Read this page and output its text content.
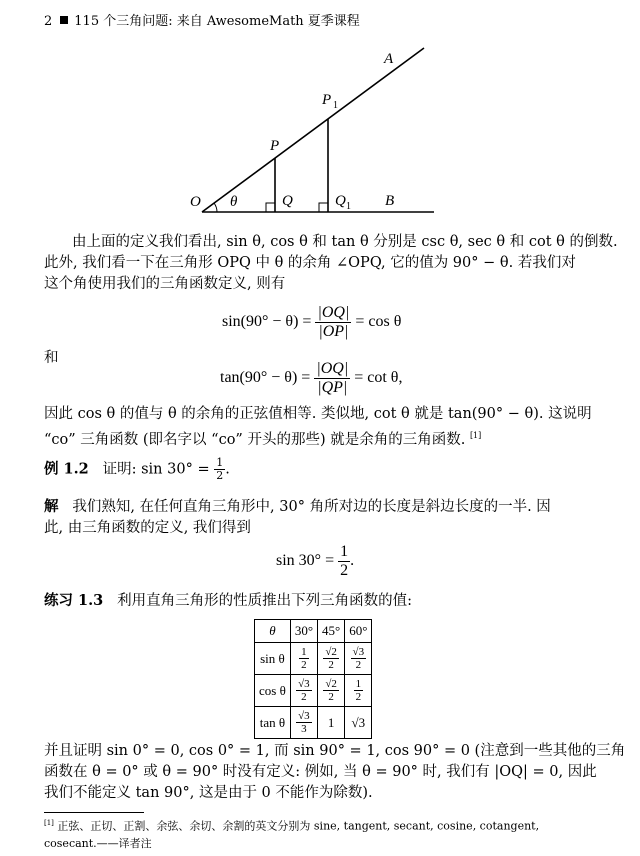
2 115 个三角问题: 来自 AwesomeMath 夏季课程
A
P 1
P
O θ	Q	Q 1 B
由上面的定义我们看出, sin θ, cos θ 和 tan θ 分别是 csc θ, sec θ 和 cot θ 的倒数.
此外, 我们看一下在三角形 OPQ 中 θ 的余角 ∠OPQ, 它的值为 90° − θ. 若我们对
这个角使用我们的三角函数定义, 则有
$\sin(90^\circ - \theta) = \frac{|OQ|}{|OP|} = \cos \theta$
和
$\tan(90^\circ - \theta) = \frac{|OQ|}{|QP|} = \cot \theta$,
因此 cos θ 的值与 θ 的余角的正弦值相等. 类似地, cot θ 就是 tan(90° − θ). 这说明
“co” 三角函数 (即名字以 “co” 开头的那些) 就是余角的三角函数. [1]
例 1.2 证明: $\sin 30^\circ = \frac{1}{2}$ .
解 我们熟知, 在任何直角三角形中, 30° 角所对边的长度是斜边长度的一半. 因
此, 由三角函数的定义, 我们得到
$\sin 30^\circ = \frac{1}{2}$ .
练习 1.3 利用直角三角形的性质推出下列三角函数的值:
θ	30°	45°	60°
sin θ	$\frac{1}{2}$	$\frac{√2}{2}$	$\frac{√3}{2}$

cos θ	$\frac{√3}{2}$	$\frac{√2}{2}$	$\frac{1}{2}$

tan θ	$\frac{√3}{3}$	1	√3
并且证明 sin 0° = 0, cos 0° = 1, 而 sin 90° = 1, cos 90° = 0 (注意到一些其他的三角
函数在 θ = 0° 或 θ = 90° 时没有定义: 例如, 当 θ = 90° 时, 我们有 |OQ| = 0, 因此
我们不能定义 tan 90°, 这是由于 0 不能作为除数).
[1] 正弦、正切、正割、余弦、余切、余割的英文分别为 sine, tangent, secant, cosine, cotangent,
cosecant.——译者注
